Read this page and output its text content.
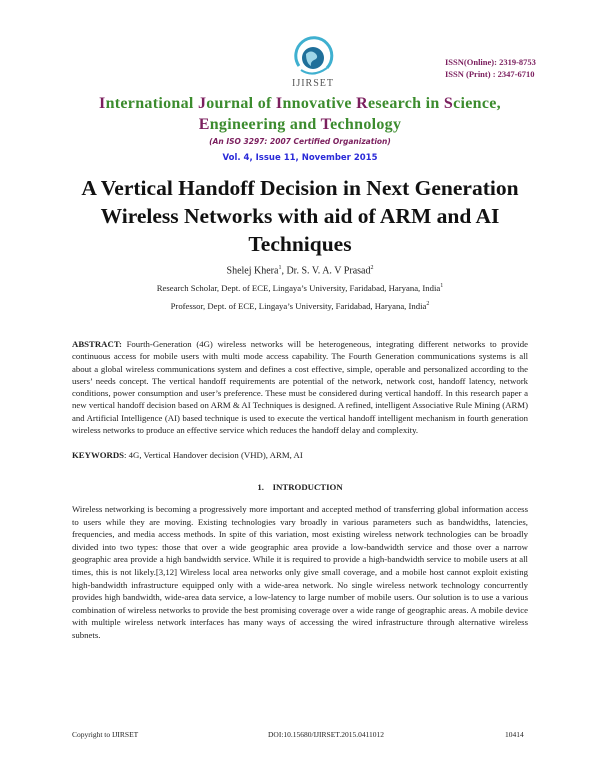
IJIRSET
ISSN(Online): 2319-8753
ISSN (Print) : 2347-6710
International Journal of Innovative Research in Science,
Engineering and Technology
(An ISO 3297: 2007 Certified Organization)
Vol. 4, Issue 11, November 2015
A Vertical Handoff Decision in Next Generation Wireless Networks with aid of ARM and AI Techniques
Shelej Khera$^1$, Dr. S. V. A. V Prasad$^2$
Research Scholar, Dept. of ECE, Lingaya’s University, Faridabad, Haryana, India$^1$
Professor, Dept. of ECE, Lingaya’s University, Faridabad, Haryana, India$^2$
ABSTRACT: Fourth-Generation (4G) wireless networks will be heterogeneous, integrating different networks to provide continuous access for mobile users with multi mode access capability. The Fourth Generation communications systems is all about a global wireless communications system and defines a cost effective, simple, operable and personalized according to the users’ needs concept. The vertical handoff requirements are potential of the network, network cost, handoff latency, network conditions, power consumption and user’s preference. These must be considered during vertical handoff. In this research paper a new vertical handoff decision based on ARM & AI Techniques is designed. A refined, intelligent Associative Rule Mining (ARM) and Artificial Intelligence (AI) based technique is used to execute the vertical handoff intelligent mechanism in fourth generation wireless networks to produce an effective service which reduces the handoff delay and complexity.
KEYWORDS: 4G, Vertical Handover decision (VHD), ARM, AI
1.    INTRODUCTION
Wireless networking is becoming a progressively more important and accepted method of transferring global information access to users while they are moving. Existing technologies vary broadly in various parameters such as bandwidths, latencies, frequencies, and media access methods. In spite of this variation, most existing wireless network technologies can be broadly divided into two types: those that over a wide geographic area provide a low-bandwidth service and those over a narrow geographic area provide a high bandwidth service. While it is required to provide a high-bandwidth service to mobile users at all times, this is not likely.[3,12] Wireless local area networks only give small coverage, and a mobile host cannot exploit existing high-bandwidth infrastructure equipped only with a wide-area network. No single wireless network technology concurrently provides high bandwidth, wide-area data service, a low-latency to large number of mobile users. Our solution is to use a various combination of wireless networks to provide the best promising coverage over a wide range of geographic areas. A mobile device with multiple wireless network interfaces has many ways of accessing the wired infrastructure through alternative wireless subnets.
Copyright to IJIRSET	DOI:10.15680/IJIRSET.2015.0411012	10414
